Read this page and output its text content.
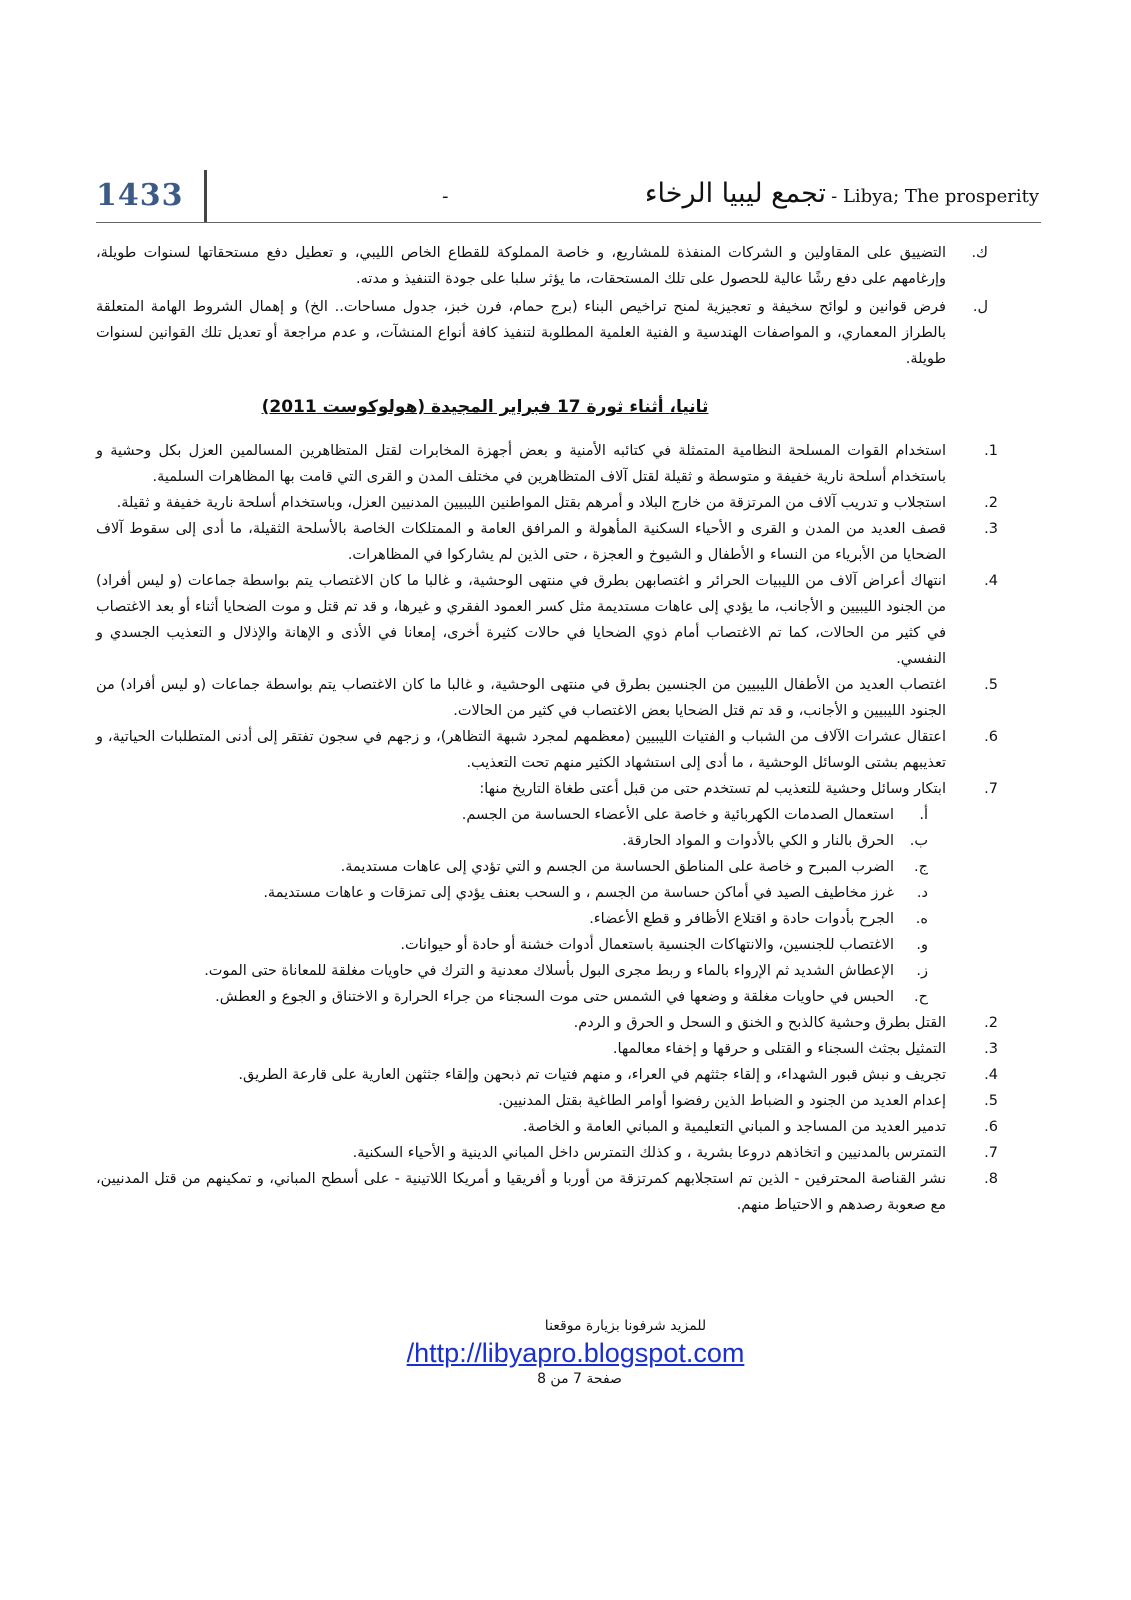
1433	-	تجمع ليبيا الرخاء - Libya; The prosperity
ك.
التضييق على المقاولين و الشركات المنفذة للمشاريع، و خاصة المملوكة للقطاع الخاص الليبي، و تعطيل دفع مستحقاتها لسنوات طويلة، وإرغامهم على دفع رشًا عالية للحصول على تلك المستحقات، ما يؤثر سلبا على جودة التنفيذ و مدته.
ل.
فرض قوانين و لوائح سخيفة و تعجيزية لمنح تراخيص البناء (برج حمام، فرن خبز، جدول مساحات.. الخ) و إهمال الشروط الهامة المتعلقة بالطراز المعماري، و المواصفات الهندسية و الفنية العلمية المطلوبة لتنفيذ كافة أنواع المنشآت، و عدم مراجعة أو تعديل تلك القوانين لسنوات طويلة.
ثانيا، أثناء ثورة 17 فبراير المجيدة (هولوكوست 2011)
.1
استخدام القوات المسلحة النظامية المتمثلة في كتائبه الأمنية و بعض أجهزة المخابرات لقتل المتظاهرين المسالمين العزل بكل وحشية و باستخدام أسلحة نارية خفيفة و متوسطة و ثقيلة لقتل آلاف المتظاهرين في مختلف المدن و القرى التي قامت بها المظاهرات السلمية.
.2
استجلاب و تدريب آلاف من المرتزقة من خارج البلاد و أمرهم بقتل المواطنين الليبيين المدنيين العزل، وباستخدام أسلحة نارية خفيفة و ثقيلة.
.3
قصف العديد من المدن و القرى و الأحياء السكنية المأهولة و المرافق العامة و الممتلكات الخاصة بالأسلحة الثقيلة، ما أدى إلى سقوط آلاف الضحايا من الأبرياء من النساء و الأطفال و الشيوخ و العجزة ، حتى الذين لم يشاركوا في المظاهرات.
.4
انتهاك أعراض آلاف من الليبيات الحرائر و اغتصابهن بطرق في منتهى الوحشية، و غالبا ما كان الاغتصاب يتم بواسطة جماعات (و ليس أفراد) من الجنود الليبيين و الأجانب، ما يؤدي إلى عاهات مستديمة مثل كسر العمود الفقري و غيرها، و قد تم قتل و موت الضحايا أثناء أو بعد الاغتصاب في كثير من الحالات، كما تم الاغتصاب أمام ذوي الضحايا في حالات كثيرة أخرى، إمعانا في الأذى و الإهانة والإذلال و التعذيب الجسدي و النفسي.
.5
اغتصاب العديد من الأطفال الليبيين من الجنسين بطرق في منتهى الوحشية، و غالبا ما كان الاغتصاب يتم بواسطة جماعات (و ليس أفراد) من الجنود الليبيين و الأجانب، و قد تم قتل الضحايا بعض الاغتصاب في كثير من الحالات.
.6
اعتقال عشرات الآلاف من الشباب و الفتيات الليبيين (معظمهم لمجرد شبهة التظاهر)، و زجهم في سجون تفتقر إلى أدنى المتطلبات الحياتية، و تعذيبهم بشتى الوسائل الوحشية ، ما أدى إلى استشهاد الكثير منهم تحت التعذيب.
.7
ابتكار وسائل وحشية للتعذيب لم تستخدم حتى من قبل أعتى طغاة التاريخ منها:
أ.
استعمال الصدمات الكهربائية و خاصة على الأعضاء الحساسة من الجسم.
ب.
الحرق بالنار و الكي بالأدوات و المواد الحارقة.
ج.
الضرب المبرح و خاصة على المناطق الحساسة من الجسم و التي تؤدي إلى عاهات مستديمة.
د.
غرز مخاطيف الصيد في أماكن حساسة من الجسم ، و السحب بعنف يؤدي إلى تمزقات و عاهات مستديمة.
ه.
الجرح بأدوات حادة و اقتلاع الأظافر و قطع الأعضاء.
و.
الاغتصاب للجنسين، والانتهاكات الجنسية باستعمال أدوات خشنة أو حادة أو حيوانات.
ز.
الإعطاش الشديد ثم الإرواء بالماء و ربط مجرى البول بأسلاك معدنية و الترك في حاويات مغلقة للمعاناة حتى الموت.
ح.
الحبس في حاويات مغلقة و وضعها في الشمس حتى موت السجناء من جراء الحرارة و الاختناق و الجوع و العطش.
.2
القتل بطرق وحشية كالذبح و الخنق و السحل و الحرق و الردم.
.3
التمثيل بجثث السجناء و القتلى و حرقها و إخفاء معالمها.
.4
تجريف و نبش قبور الشهداء، و إلقاء جثثهم في العراء، و منهم فتيات تم ذبحهن وإلقاء جثثهن العارية على قارعة الطريق.
.5
إعدام العديد من الجنود و الضباط الذين رفضوا أوامر الطاغية بقتل المدنيين.
.6
تدمير العديد من المساجد و المباني التعليمية و المباني العامة و الخاصة.
.7
التمترس بالمدنيين و اتخاذهم دروعا بشرية ، و كذلك التمترس داخل المباني الدينية و الأحياء السكنية.
.8
نشر القناصة المحترفين - الذين تم استجلابهم كمرتزقة من أوربا و أفريقيا و أمريكا اللاتينية - على أسطح المباني، و تمكينهم من قتل المدنيين، مع صعوبة رصدهم و الاحتياط منهم.
للمزيد شرفونا بزيارة موقعنا
/http://libyapro.blogspot.com
صفحة 7 من 8
